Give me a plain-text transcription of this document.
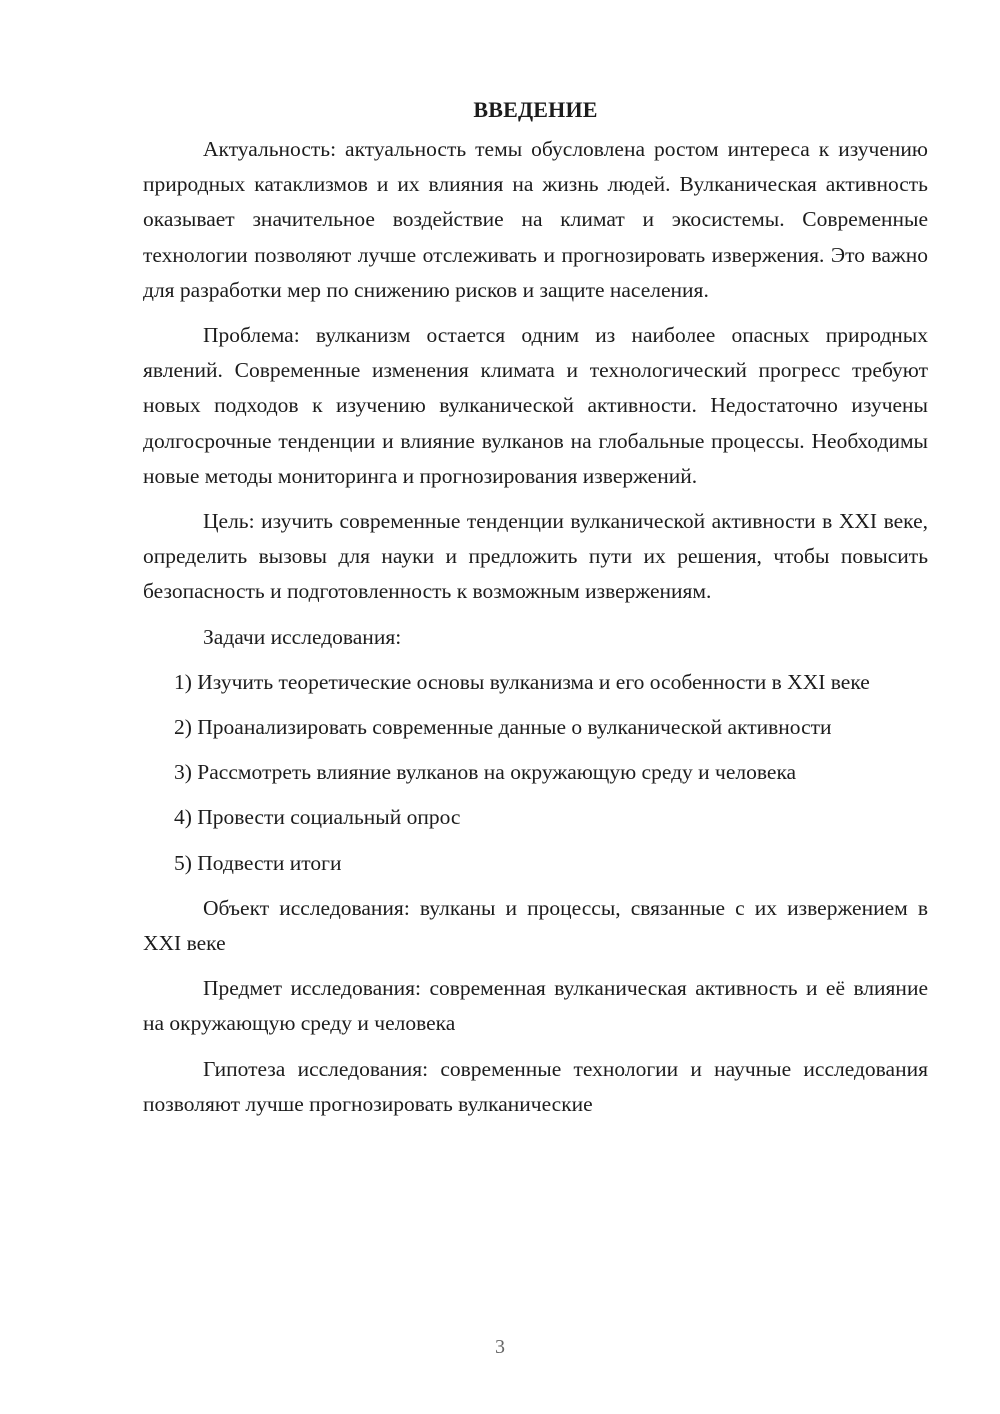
ВВЕДЕНИЕ

Актуальность: актуальность темы обусловлена ростом интереса к изучению природных катаклизмов и их влияния на жизнь людей. Вулканическая активность оказывает значительное воздействие на климат и экосистемы. Современные технологии позволяют лучше отслеживать и прогнозировать извержения. Это важно для разработки мер по снижению рисков и защите населения.

Проблема: вулканизм остается одним из наиболее опасных природных явлений. Современные изменения климата и технологический прогресс требуют новых подходов к изучению вулканической активности. Недостаточно изучены долгосрочные тенденции и влияние вулканов на глобальные процессы. Необходимы новые методы мониторинга и прогнозирования извержений.

Цель: изучить современные тенденции вулканической активности в XXI веке, определить вызовы для науки и предложить пути их решения, чтобы повысить безопасность и подготовленность к возможным извержениям.

Задачи исследования:

1) Изучить теоретические основы вулканизма и его особенности в XXI веке

2) Проанализировать современные данные о вулканической активности

3) Рассмотреть влияние вулканов на окружающую среду и человека

4) Провести социальный опрос

5) Подвести итоги

Объект исследования: вулканы и процессы, связанные с их извержением в XXI веке

Предмет исследования: современная вулканическая активность и её влияние на окружающую среду и человека

Гипотеза исследования: современные технологии и научные исследования позволяют лучше прогнозировать вулканические

3
